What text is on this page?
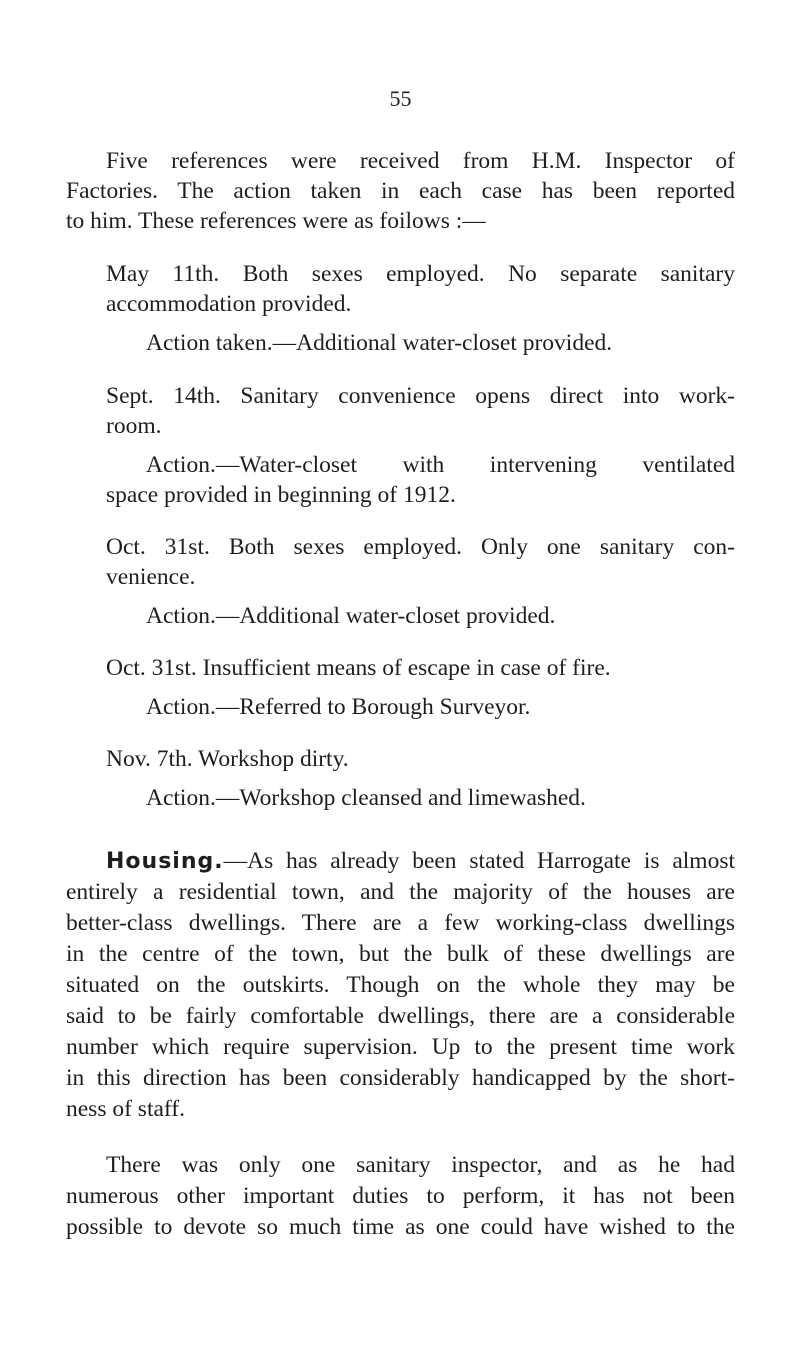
55
Five references were received from H.M. Inspector of
Factories. The action taken in each case has been reported
to him. These references were as foilows :—
May 11th. Both sexes employed. No separate sanitary
accommodation provided.
Action taken.—Additional water-closet provided.
Sept. 14th. Sanitary convenience opens direct into work-
room.
Action.—Water-closet with intervening ventilated
space provided in beginning of 1912.
Oct. 31st. Both sexes employed. Only one sanitary con-
venience.
Action.—Additional water-closet provided.
Oct. 31st. Insufficient means of escape in case of fire.
Action.—Referred to Borough Surveyor.
Nov. 7th. Workshop dirty.
Action.—Workshop cleansed and limewashed.
Housing.—As has already been stated Harrogate is almost
entirely a residential town, and the majority of the houses are
better-class dwellings. There are a few working-class dwellings
in the centre of the town, but the bulk of these dwellings are
situated on the outskirts. Though on the whole they may be
said to be fairly comfortable dwellings, there are a considerable
number which require supervision. Up to the present time work
in this direction has been considerably handicapped by the short-
ness of staff.
There was only one sanitary inspector, and as he had
numerous other important duties to perform, it has not been
possible to devote so much time as one could have wished to the
